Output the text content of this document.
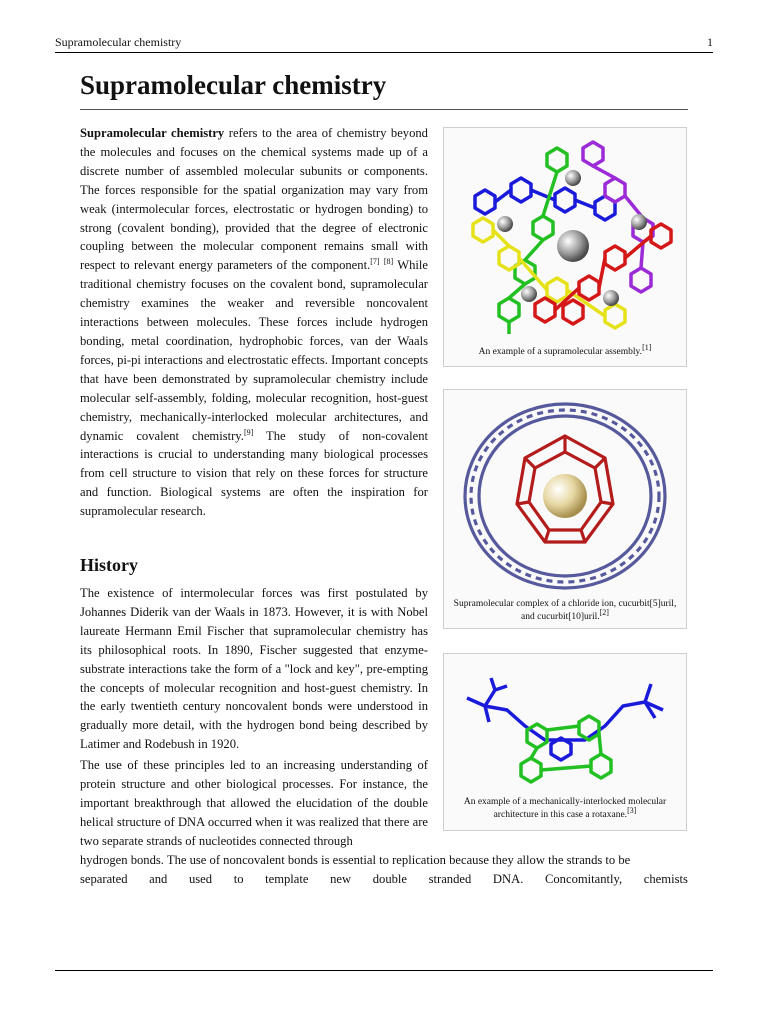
Supramolecular chemistry	1
Supramolecular chemistry

Supramolecular chemistry refers to the area of chemistry beyond the molecules and focuses on the chemical systems made up of a discrete number of assembled molecular subunits or components. The forces responsible for the spatial organization may vary from weak (intermolecular forces, electrostatic or hydrogen bonding) to strong (covalent bonding), provided that the degree of electronic coupling between the molecular component remains small with respect to relevant energy parameters of the component.[7] [8] While traditional chemistry focuses on the covalent bond, supramolecular chemistry examines the weaker and reversible noncovalent interactions between molecules. These forces include hydrogen bonding, metal coordination, hydrophobic forces, van der Waals forces, pi-pi interactions and electrostatic effects. Important concepts that have been demonstrated by supramolecular chemistry include molecular self-assembly, folding, molecular recognition, host-guest chemistry, mechanically-interlocked molecular architectures, and dynamic covalent chemistry.[9] The study of non-covalent interactions is crucial to understanding many biological processes from cell structure to vision that rely on these forces for structure and function. Biological systems are often the inspiration for supramolecular research.

History

The existence of intermolecular forces was first postulated by Johannes Diderik van der Waals in 1873. However, it is with Nobel laureate Hermann Emil Fischer that supramolecular chemistry has its philosophical roots. In 1890, Fischer suggested that enzyme-substrate interactions take the form of a "lock and key", pre-empting the concepts of molecular recognition and host-guest chemistry. In the early twentieth century noncovalent bonds were understood in gradually more detail, with the hydrogen bond being described by Latimer and Rodebush in 1920.

The use of these principles led to an increasing understanding of protein structure and other biological processes. For instance, the important breakthrough that allowed the elucidation of the double helical structure of DNA occurred when it was realized that there are two separate strands of nucleotides connected through

hydrogen bonds. The use of noncovalent bonds is essential to replication because they allow the strands to be
separated and used to template new double stranded DNA. Concomitantly, chemists
An example of a supramolecular assembly.[1]
Supramolecular complex of a chloride ion, cucurbit[5]uril, and cucurbit[10]uril.[2]
An example of a mechanically-interlocked molecular architecture in this case a rotaxane.[3]
